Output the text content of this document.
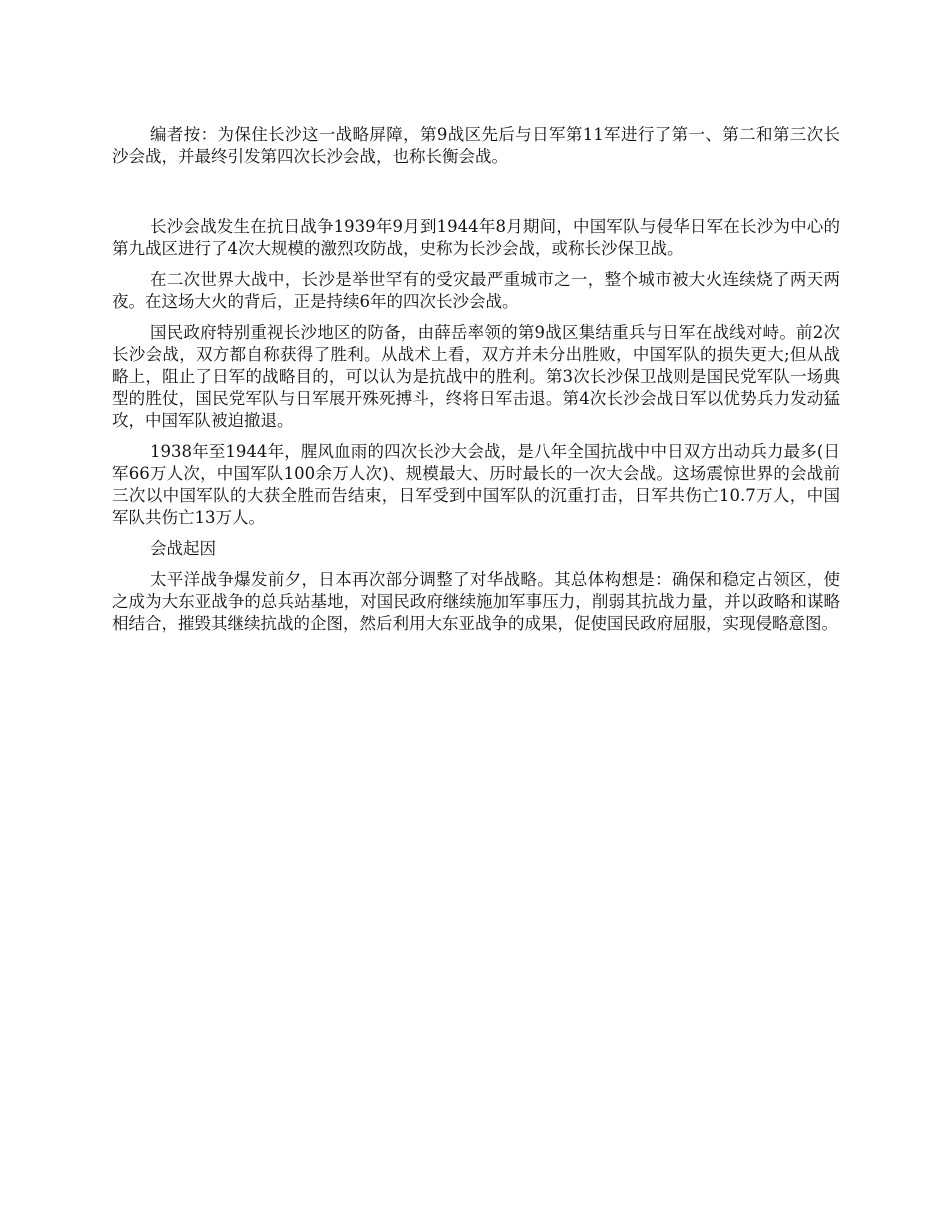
编者按：为保住长沙这一战略屏障，第9战区先后与日军第11军进行了第一、第二和第三次长沙会战，并最终引发第四次长沙会战，也称长衡会战。

长沙会战发生在抗日战争1939年9月到1944年8月期间，中国军队与侵华日军在长沙为中心的第九战区进行了4次大规模的激烈攻防战，史称为长沙会战，或称长沙保卫战。

在二次世界大战中，长沙是举世罕有的受灾最严重城市之一，整个城市被大火连续烧了两天两夜。在这场大火的背后，正是持续6年的四次长沙会战。

国民政府特别重视长沙地区的防备，由薛岳率领的第9战区集结重兵与日军在战线对峙。前2次长沙会战，双方都自称获得了胜利。从战术上看，双方并未分出胜败，中国军队的损失更大;但从战略上，阻止了日军的战略目的，可以认为是抗战中的胜利。第3次长沙保卫战则是国民党军队一场典型的胜仗，国民党军队与日军展开殊死搏斗，终将日军击退。第4次长沙会战日军以优势兵力发动猛攻，中国军队被迫撤退。

1938年至1944年，腥风血雨的四次长沙大会战，是八年全国抗战中中日双方出动兵力最多(日军66万人次，中国军队100余万人次)、规模最大、历时最长的一次大会战。这场震惊世界的会战前三次以中国军队的大获全胜而告结束，日军受到中国军队的沉重打击，日军共伤亡10.7万人，中国军队共伤亡13万人。

会战起因

太平洋战争爆发前夕，日本再次部分调整了对华战略。其总体构想是：确保和稳定占领区，使之成为大东亚战争的总兵站基地，对国民政府继续施加军事压力，削弱其抗战力量，并以政略和谋略相结合，摧毁其继续抗战的企图，然后利用大东亚战争的成果，促使国民政府屈服，实现侵略意图。
